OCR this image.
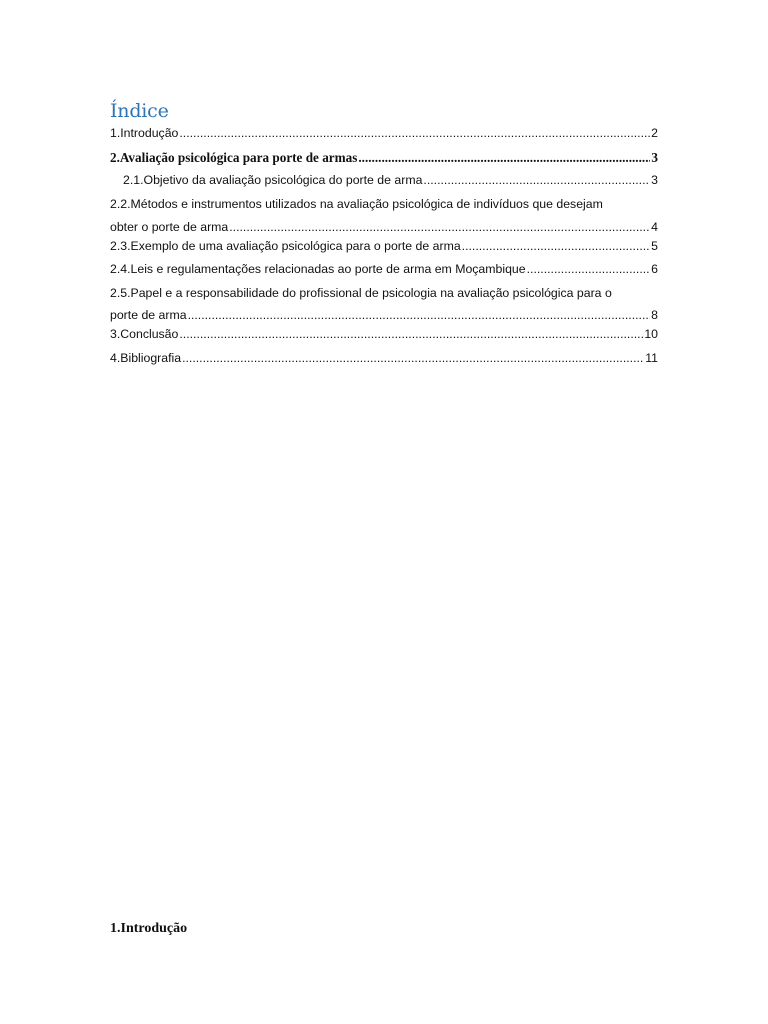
Índice
1.Introdução .....	2
2.Avaliação psicológica para porte de armas .....	3
2.1.Objetivo da avaliação psicológica do porte de arma .....	3
2.2.Métodos e instrumentos utilizados na avaliação psicológica de indivíduos que desejam
obter o porte de arma .....	4
2.3.Exemplo de uma avaliação psicológica para o porte de arma .....	5
2.4.Leis e regulamentações relacionadas ao porte de arma em Moçambique .....	6
2.5.Papel e a responsabilidade do profissional de psicologia na avaliação psicológica para o
porte de arma .....	8
3.Conclusão .....	10
4.Bibliografia .....	11
1.Introdução
